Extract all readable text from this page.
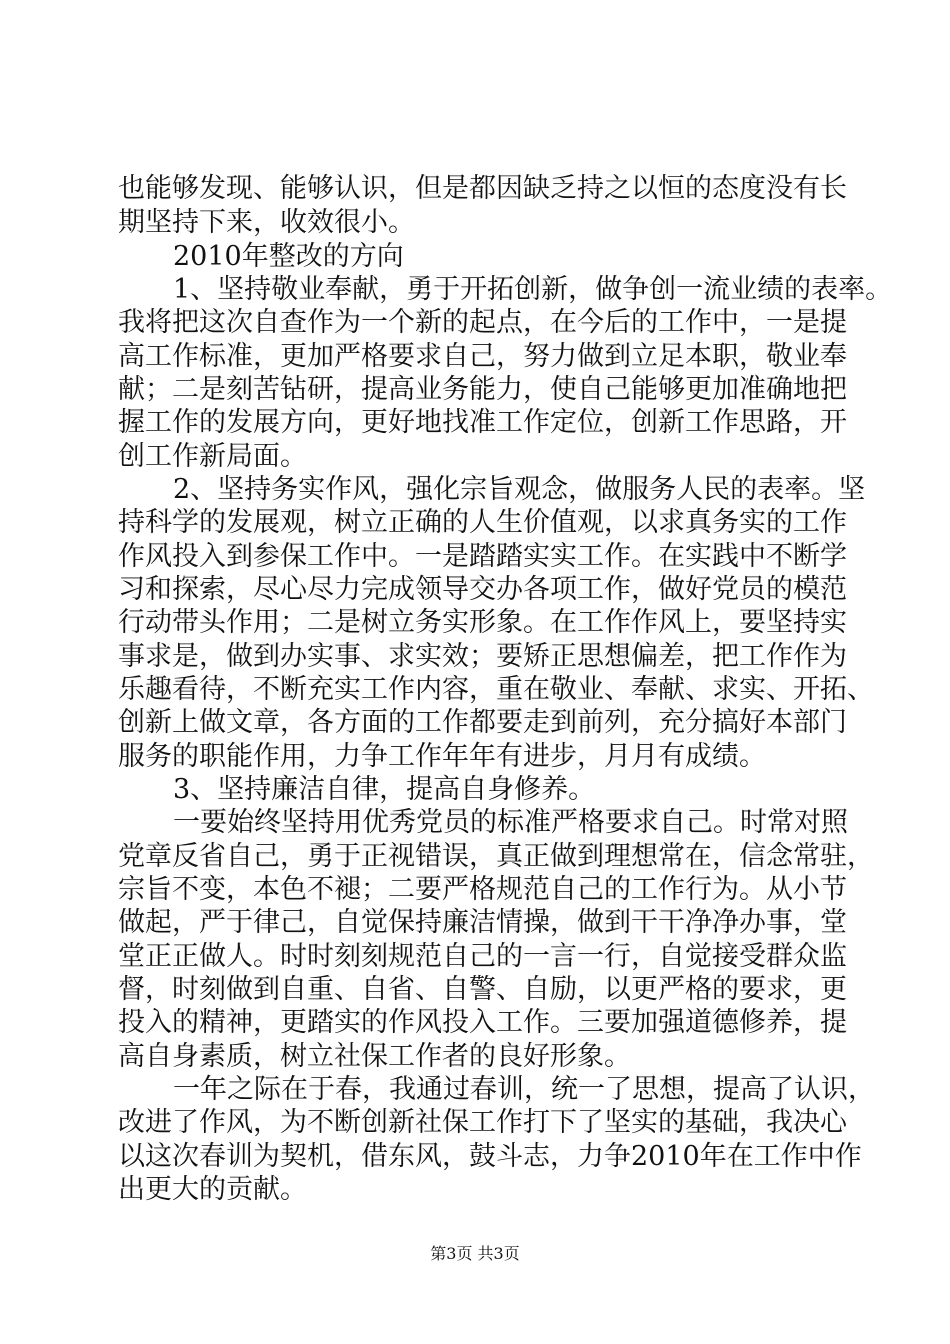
也能够发现、能够认识，但是都因缺乏持之以恒的态度没有长
期坚持下来，收效很小。
2010年整改的方向
1、坚持敬业奉献，勇于开拓创新，做争创一流业绩的表率。
我将把这次自查作为一个新的起点，在今后的工作中，一是提
高工作标准，更加严格要求自己，努力做到立足本职，敬业奉
献；二是刻苦钻研，提高业务能力，使自己能够更加准确地把
握工作的发展方向，更好地找准工作定位，创新工作思路，开
创工作新局面。
2、坚持务实作风，强化宗旨观念，做服务人民的表率。坚
持科学的发展观，树立正确的人生价值观，以求真务实的工作
作风投入到参保工作中。一是踏踏实实工作。在实践中不断学
习和探索，尽心尽力完成领导交办各项工作，做好党员的模范
行动带头作用；二是树立务实形象。在工作作风上，要坚持实
事求是，做到办实事、求实效；要矫正思想偏差，把工作作为
乐趣看待，不断充实工作内容，重在敬业、奉献、求实、开拓、
创新上做文章，各方面的工作都要走到前列，充分搞好本部门
服务的职能作用，力争工作年年有进步，月月有成绩。
3、坚持廉洁自律，提高自身修养。
一要始终坚持用优秀党员的标准严格要求自己。时常对照
党章反省自己，勇于正视错误，真正做到理想常在，信念常驻，
宗旨不变，本色不褪；二要严格规范自己的工作行为。从小节
做起，严于律己，自觉保持廉洁情操，做到干干净净办事，堂
堂正正做人。时时刻刻规范自己的一言一行，自觉接受群众监
督，时刻做到自重、自省、自警、自励，以更严格的要求，更
投入的精神，更踏实的作风投入工作。三要加强道德修养，提
高自身素质，树立社保工作者的良好形象。
一年之际在于春，我通过春训，统一了思想，提高了认识，
改进了作风，为不断创新社保工作打下了坚实的基础，我决心
以这次春训为契机，借东风，鼓斗志，力争2010年在工作中作
出更大的贡献。
第3页 共3页
